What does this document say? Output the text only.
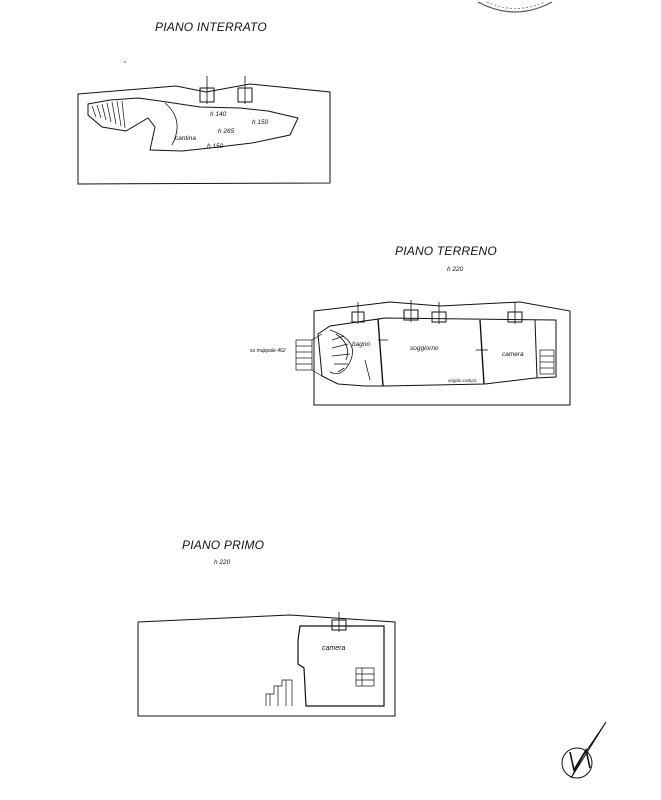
PIANO INTERRATO
PIANO TERRENO
h 220
PIANO PRIMO
h 220
cantina
h 140
h 150
h 265
h 150
bagno
soggiorno
camera
su mappale 462
angolo cottura
camera
